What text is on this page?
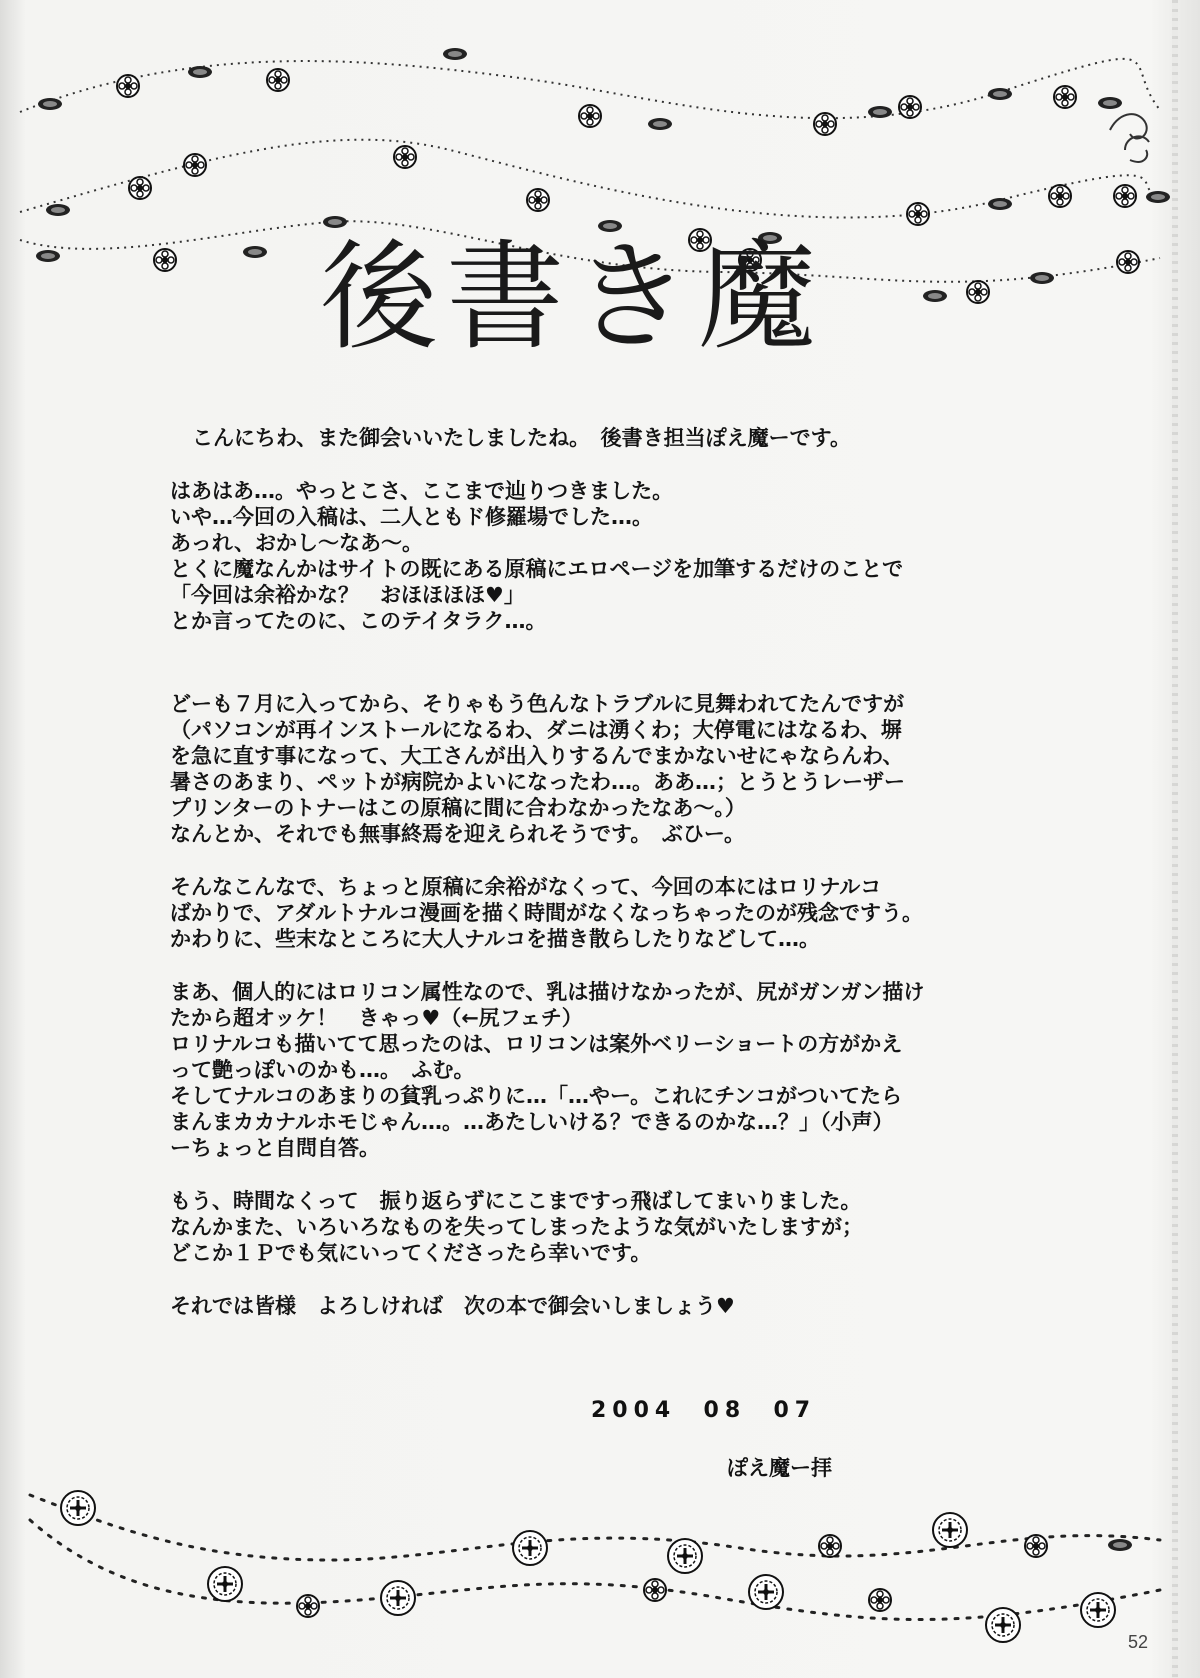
後書き魔

こんにちわ、また御会いいたしましたね。　後書き担当ぽえ魔ーです。

はあはあ…。やっとこさ、ここまで辿りつきました。

いや…今回の入稿は、二人ともド修羅場でした…。

あっれ、おかし～なあ～。

とくに魔なんかはサイトの既にある原稿にエロページを加筆するだけのことで

「今回は余裕かな？　おほほほほ♥」

とか言ってたのに、このテイタラク…。

どーも７月に入ってから、そりゃもう色んなトラブルに見舞われてたんですが

（パソコンが再インストールになるわ、ダニは湧くわ；大停電にはなるわ、塀

を急に直す事になって、大工さんが出入りするんでまかないせにゃならんわ、

暑さのあまり、ペットが病院かよいになったわ…。ああ…；とうとうレーザー

プリンターのトナーはこの原稿に間に合わなかったなあ～。）

なんとか、それでも無事終焉を迎えられそうです。　ぶひー。

そんなこんなで、ちょっと原稿に余裕がなくって、今回の本にはロリナルコ

ばかりで、アダルトナルコ漫画を描く時間がなくなっちゃったのが残念ですう。

かわりに、些末なところに大人ナルコを描き散らしたりなどして…。

まあ、個人的にはロリコン属性なので、乳は描けなかったが、尻がガンガン描け

たから超オッケ！　きゃっ♥（←尻フェチ）

ロリナルコも描いてて思ったのは、ロリコンは案外ベリーショートの方がかえ

って艶っぽいのかも…。　ふむ。

そしてナルコのあまりの貧乳っぷりに…「…やー。これにチンコがついてたら

まんまカカナルホモじゃん…。…あたしいける？できるのかな…？」（小声）

ーちょっと自問自答。

もう、時間なくって　振り返らずにここまですっ飛ばしてまいりました。

なんかまた、いろいろなものを失ってしまったような気がいたしますが；

どこか１Ｐでも気にいってくださったら幸いです。

それでは皆様　よろしければ　次の本で御会いしましょう♥

2004  08  07
ぽえ魔ー拝
52
